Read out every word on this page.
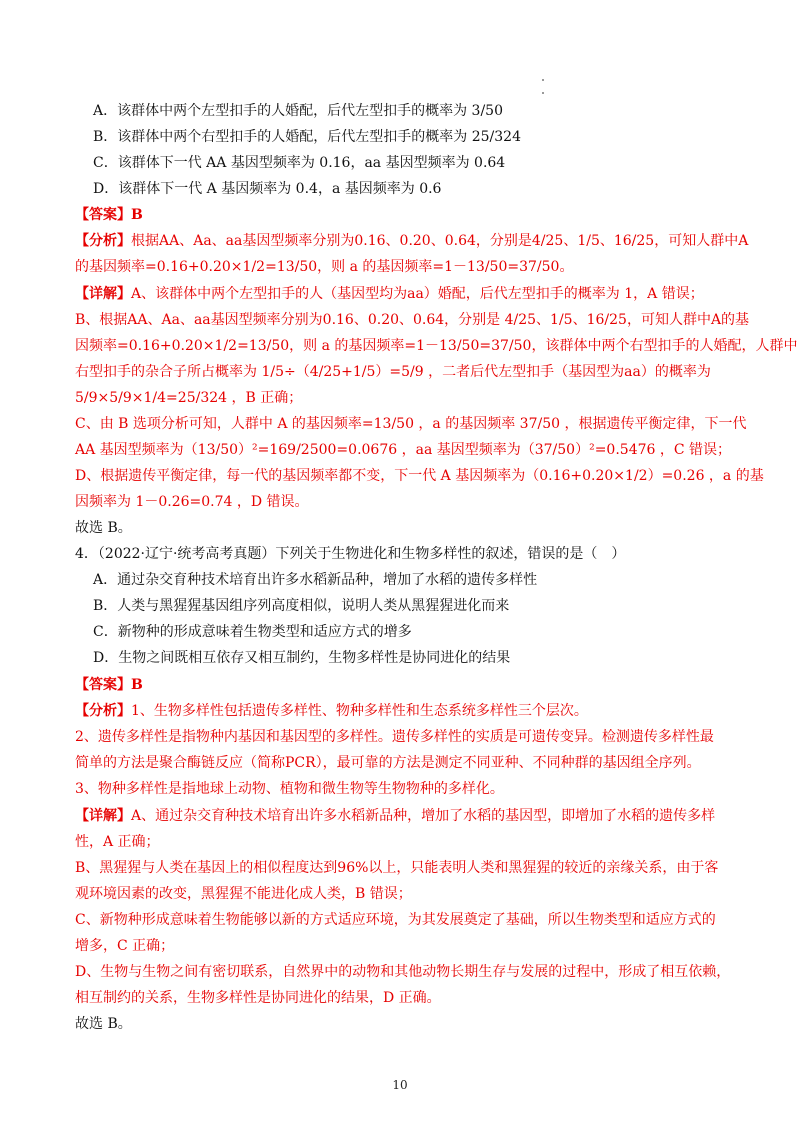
A．该群体中两个左型扣手的人婚配，后代左型扣手的概率为 3/50
B．该群体中两个右型扣手的人婚配，后代左型扣手的概率为 25/324
C．该群体下一代 AA 基因型频率为 0.16，aa 基因型频率为 0.64
D．该群体下一代 A 基因频率为 0.4，a 基因频率为 0.6
【答案】B
【分析】根据AA、Aa、aa基因型频率分别为0.16、0.20、0.64，分别是4/25、1/5、16/25，可知人群中A
的基因频率=0.16+0.20×1/2=13/50，则 a 的基因频率=1－13/50=37/50。
【详解】A、该群体中两个左型扣手的人（基因型均为aa）婚配，后代左型扣手的概率为 1，A 错误；
B、根据AA、Aa、aa基因型频率分别为0.16、0.20、0.64，分别是 4/25、1/5、16/25，可知人群中A的基
因频率=0.16+0.20×1/2=13/50，则 a 的基因频率=1－13/50=37/50，该群体中两个右型扣手的人婚配，人群中
右型扣手的杂合子所占概率为 1/5÷（4/25+1/5）=5/9 ，二者后代左型扣手（基因型为aa）的概率为
5/9×5/9×1/4=25/324 ，B 正确；
C、由 B 选项分析可知，人群中 A 的基因频率=13/50 ，a 的基因频率 37/50 ，根据遗传平衡定律，下一代
AA 基因型频率为（13/50）²=169/2500=0.0676 ，aa 基因型频率为（37/50）²=0.5476 ，C 错误；
D、根据遗传平衡定律，每一代的基因频率都不变，下一代 A 基因频率为（0.16+0.20×1/2）=0.26 ，a 的基
因频率为 1－0.26=0.74 ，D 错误。
故选 B。
4．（2022·辽宁·统考高考真题）下列关于生物进化和生物多样性的叙述，错误的是（　）
A．通过杂交育种技术培育出许多水稻新品种，增加了水稻的遗传多样性
B．人类与黑猩猩基因组序列高度相似，说明人类从黑猩猩进化而来
C．新物种的形成意味着生物类型和适应方式的增多
D．生物之间既相互依存又相互制约，生物多样性是协同进化的结果
【答案】B
【分析】1、生物多样性包括遗传多样性、物种多样性和生态系统多样性三个层次。
2、遗传多样性是指物种内基因和基因型的多样性。遗传多样性的实质是可遗传变异。检测遗传多样性最
简单的方法是聚合酶链反应（简称PCR），最可靠的方法是测定不同亚种、不同种群的基因组全序列。
3、物种多样性是指地球上动物、植物和微生物等生物物种的多样化。
【详解】A、通过杂交育种技术培育出许多水稻新品种，增加了水稻的基因型，即增加了水稻的遗传多样
性，A 正确；
B、黑猩猩与人类在基因上的相似程度达到96%以上，只能表明人类和黑猩猩的较近的亲缘关系，由于客
观环境因素的改变，黑猩猩不能进化成人类，B 错误；
C、新物种形成意味着生物能够以新的方式适应环境，为其发展奠定了基础，所以生物类型和适应方式的
增多，C 正确；
D、生物与生物之间有密切联系，自然界中的动物和其他动物长期生存与发展的过程中，形成了相互依赖，
相互制约的关系，生物多样性是协同进化的结果，D 正确。
故选 B。
10
